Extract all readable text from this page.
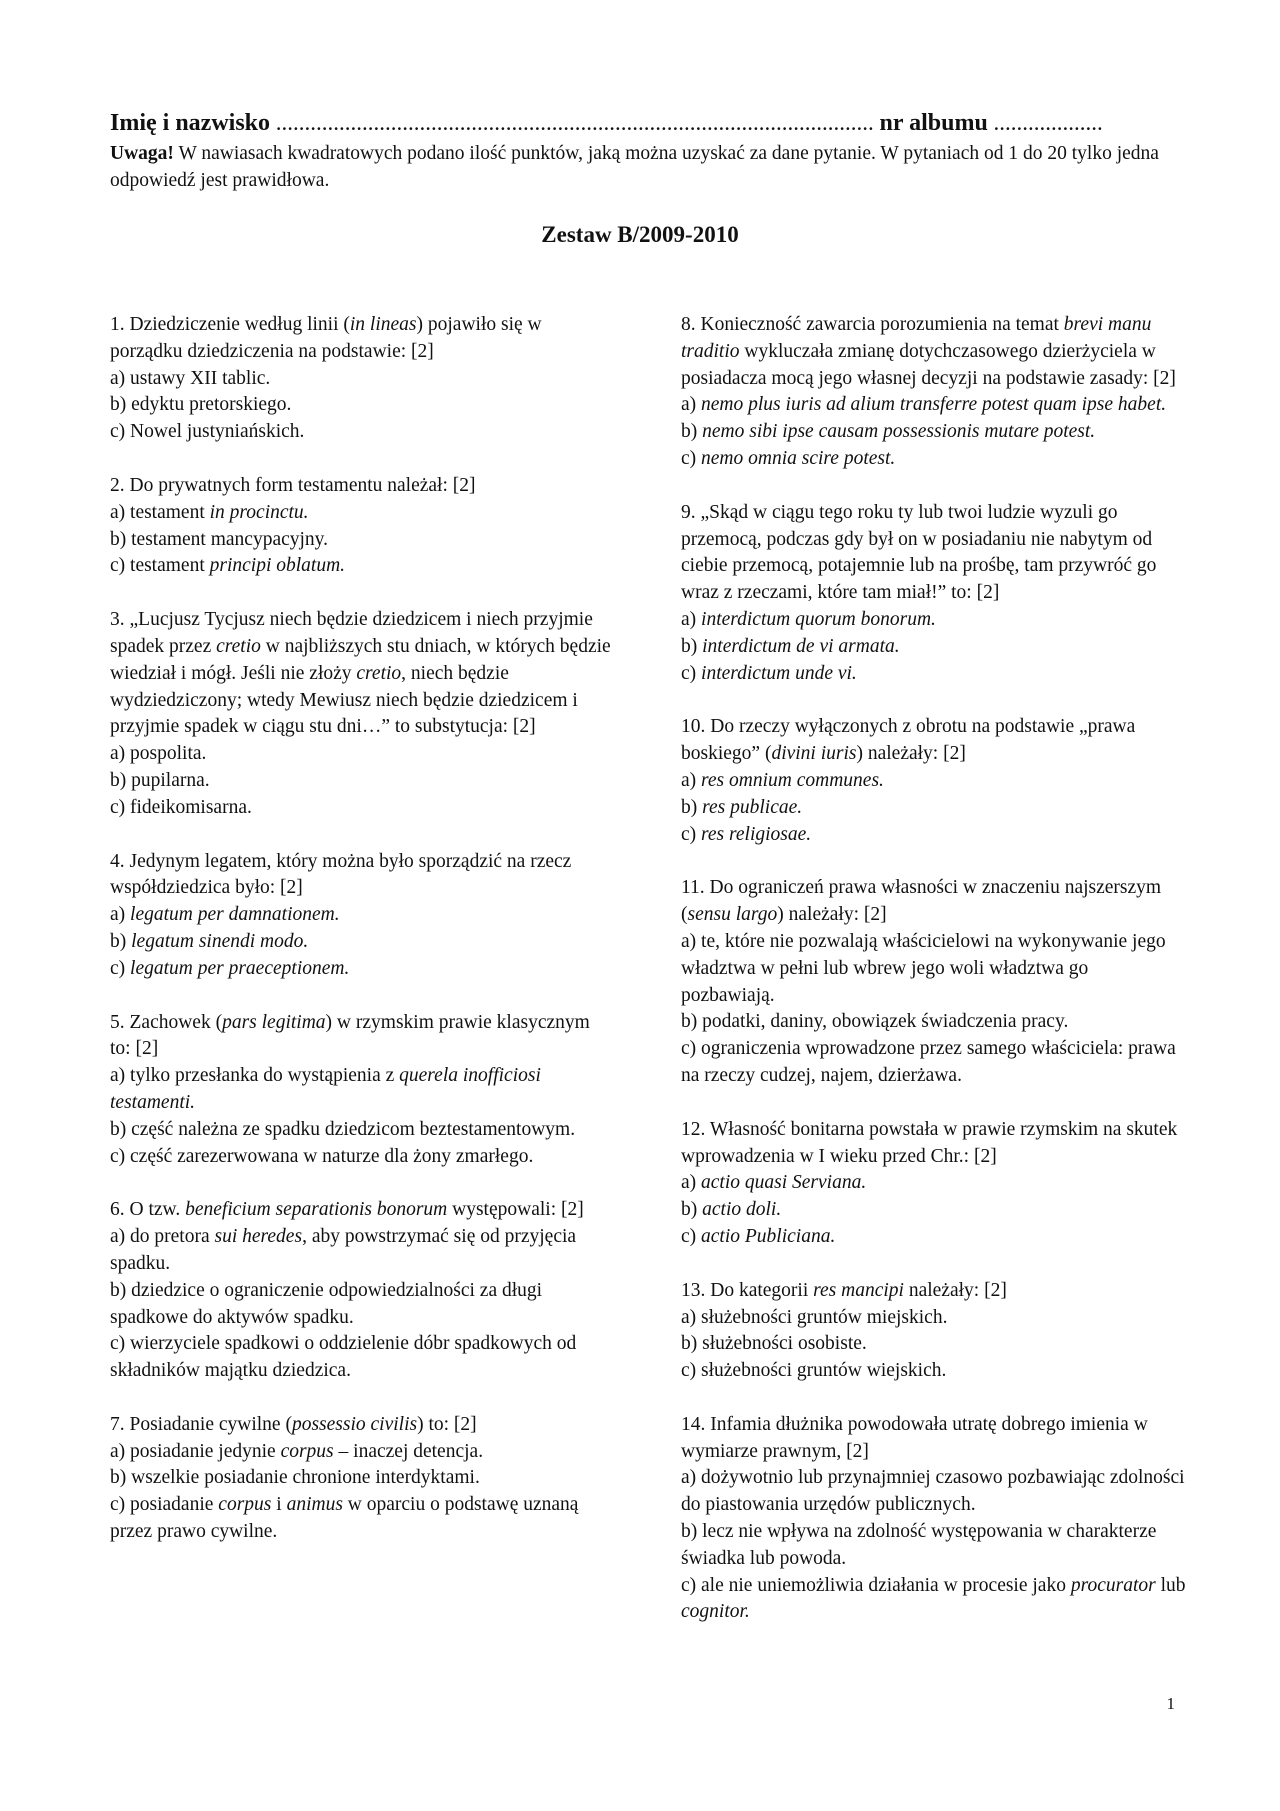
Imię i nazwisko ........................................................................................................ nr albumu ...................
Uwaga! W nawiasach kwadratowych podano ilość punktów, jaką można uzyskać za dane pytanie. W pytaniach od 1 do 20 tylko jedna odpowiedź jest prawidłowa.
Zestaw B/2009-2010

1. Dziedziczenie według linii (in lineas) pojawiło się w porządku dziedziczenia na podstawie: [2]

a) ustawy XII tablic.

b) edyktu pretorskiego.

c) Nowel justyniańskich.

2. Do prywatnych form testamentu należał: [2]

a) testament in procinctu.

b) testament mancypacyjny.

c) testament principi oblatum.

3. „Lucjusz Tycjusz niech będzie dziedzicem i niech przyjmie spadek przez cretio w najbliższych stu dniach, w których będzie wiedział i mógł. Jeśli nie złoży cretio, niech będzie wydziedziczony; wtedy Mewiusz niech będzie dziedzicem i przyjmie spadek w ciągu stu dni…” to substytucja: [2]

a) pospolita.

b) pupilarna.

c) fideikomisarna.

4. Jedynym legatem, który można było sporządzić na rzecz współdziedzica było: [2]

a) legatum per damnationem.

b) legatum sinendi modo.

c) legatum per praeceptionem.

5. Zachowek (pars legitima) w rzymskim prawie klasycznym to: [2]

a) tylko przesłanka do wystąpienia z querela inofficiosi testamenti.

b) część należna ze spadku dziedzicom beztestamentowym.

c) część zarezerwowana w naturze dla żony zmarłego.

6. O tzw. beneficium separationis bonorum występowali: [2]

a) do pretora sui heredes, aby powstrzymać się od przyjęcia spadku.

b) dziedzice o ograniczenie odpowiedzialności za długi spadkowe do aktywów spadku.

c) wierzyciele spadkowi o oddzielenie dóbr spadkowych od składników majątku dziedzica.

7. Posiadanie cywilne (possessio civilis) to: [2]

a) posiadanie jedynie corpus – inaczej detencja.

b) wszelkie posiadanie chronione interdyktami.

c) posiadanie corpus i animus w oparciu o podstawę uznaną przez prawo cywilne.

8. Konieczność zawarcia porozumienia na temat brevi manu traditio wykluczała zmianę dotychczasowego dzierżyciela w posiadacza mocą jego własnej decyzji na podstawie zasady: [2]

a) nemo plus iuris ad alium transferre potest quam ipse habet.

b) nemo sibi ipse causam possessionis mutare potest.

c) nemo omnia scire potest.

9. „Skąd w ciągu tego roku ty lub twoi ludzie wyzuli go przemocą, podczas gdy był on w posiadaniu nie nabytym od ciebie przemocą, potajemnie lub na prośbę, tam przywróć go wraz z rzeczami, które tam miał!” to: [2]

a) interdictum quorum bonorum.

b) interdictum de vi armata.

c) interdictum unde vi.

10. Do rzeczy wyłączonych z obrotu na podstawie „prawa boskiego” (divini iuris) należały: [2]

a) res omnium communes.

b) res publicae.

c) res religiosae.

11. Do ograniczeń prawa własności w znaczeniu najszerszym (sensu largo) należały: [2]

a) te, które nie pozwalają właścicielowi na wykonywanie jego władztwa w pełni lub wbrew jego woli władztwa go pozbawiają.

b) podatki, daniny, obowiązek świadczenia pracy.

c) ograniczenia wprowadzone przez samego właściciela: prawa na rzeczy cudzej, najem, dzierżawa.

12. Własność bonitarna powstała w prawie rzymskim na skutek wprowadzenia w I wieku przed Chr.: [2]

a) actio quasi Serviana.

b) actio doli.

c) actio Publiciana.

13. Do kategorii res mancipi należały: [2]

a) służebności gruntów miejskich.

b) służebności osobiste.

c) służebności gruntów wiejskich.

14. Infamia dłużnika powodowała utratę dobrego imienia w wymiarze prawnym, [2]

a) dożywotnio lub przynajmniej czasowo pozbawiając zdolności do piastowania urzędów publicznych.

b) lecz nie wpływa na zdolność występowania w charakterze świadka lub powoda.

c) ale nie uniemożliwia działania w procesie jako procurator lub cognitor.

1
